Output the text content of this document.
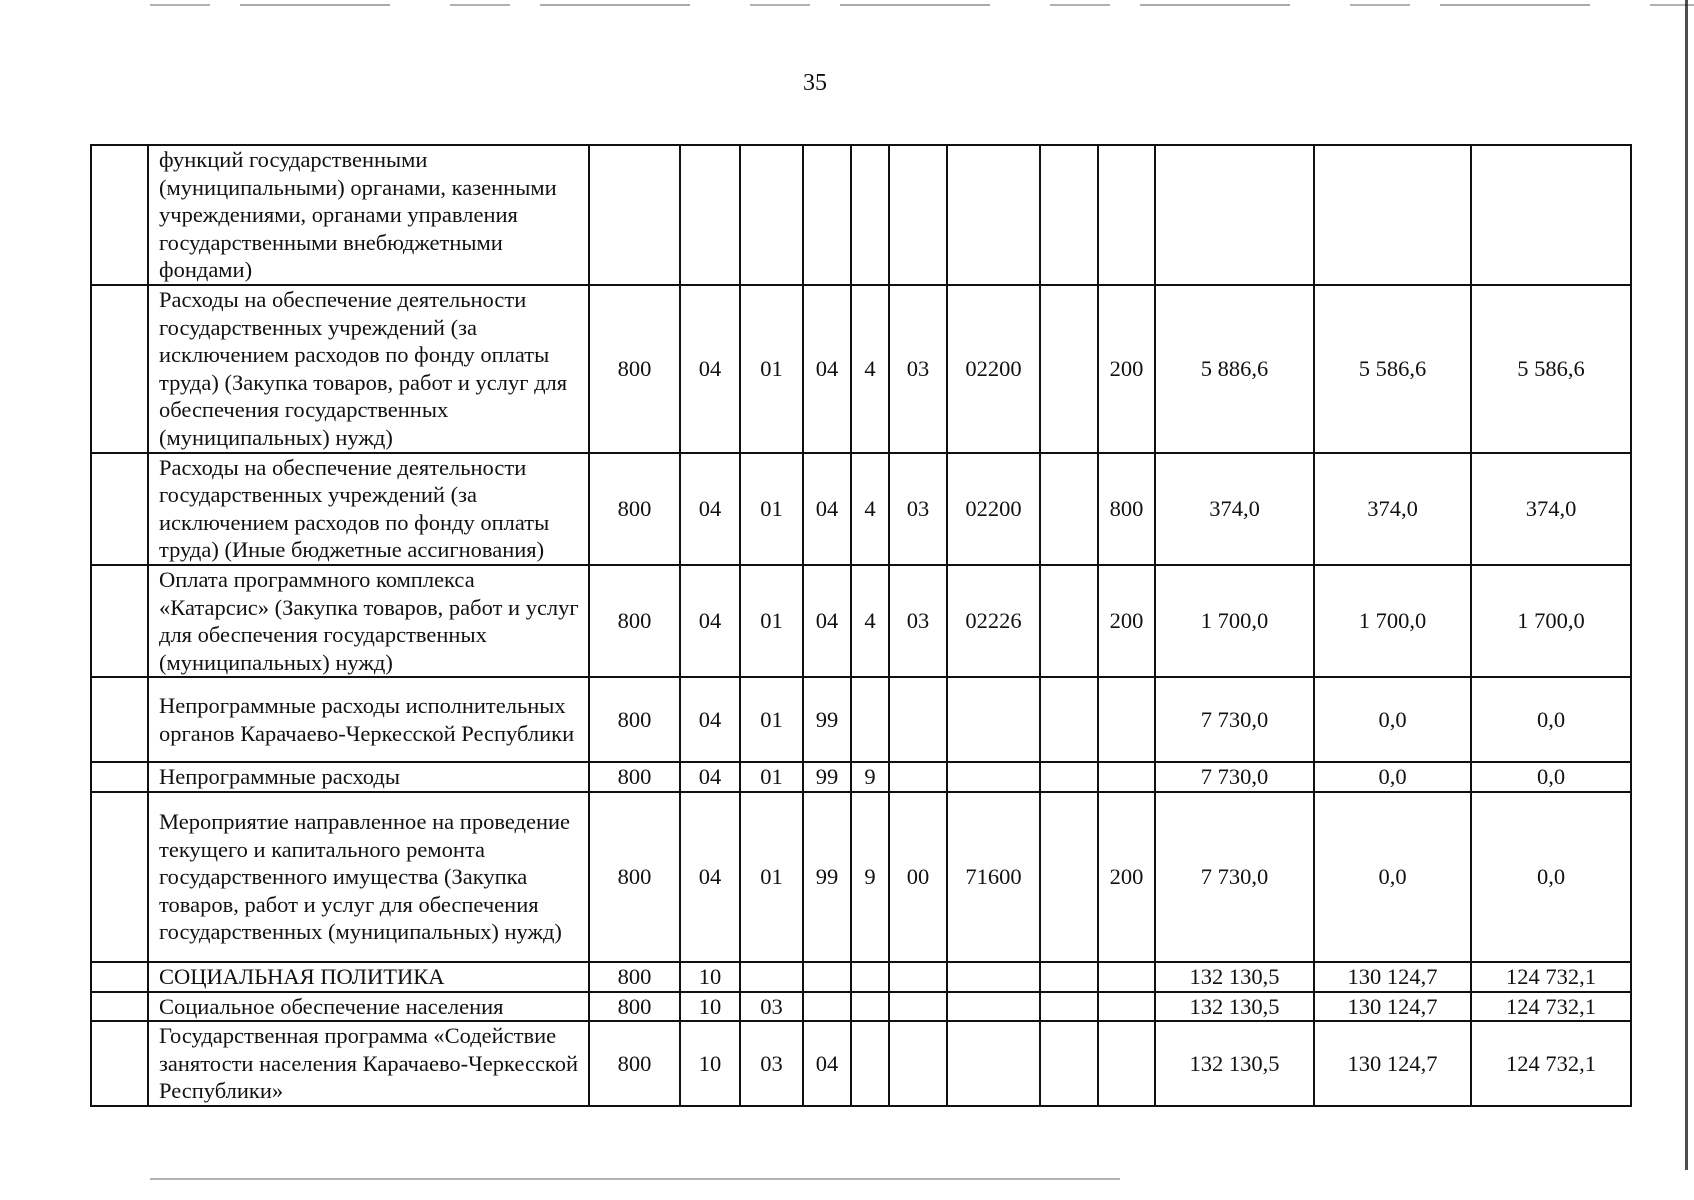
35
	функций государственными (муниципальными) органами, казенными учреждениями, органами управления государственными внебюджетными фондами)												
	Расходы на обеспечение деятельности государственных учреждений (за исключением расходов по фонду оплаты труда) (Закупка товаров, работ и услуг для обеспечения государственных (муниципальных) нужд)	800	04	01	04	4	03	02200		200	5 886,6	5 586,6	5 586,6
	Расходы на обеспечение деятельности государственных учреждений (за исключением расходов по фонду оплаты труда) (Иные бюджетные ассигнования)	800	04	01	04	4	03	02200		800	374,0	374,0	374,0
	Оплата программного комплекса «Катарсис» (Закупка товаров, работ и услуг для обеспечения государственных (муниципальных) нужд)	800	04	01	04	4	03	02226		200	1 700,0	1 700,0	1 700,0
	Непрограммные расходы исполнительных органов Карачаево-Черкесской Республики	800	04	01	99						7 730,0	0,0	0,0
	Непрограммные расходы	800	04	01	99	9					7 730,0	0,0	0,0
	Мероприятие направленное на проведение текущего и капитального ремонта государственного имущества (Закупка товаров, работ и услуг для обеспечения государственных (муниципальных) нужд)	800	04	01	99	9	00	71600		200	7 730,0	0,0	0,0
	СОЦИАЛЬНАЯ ПОЛИТИКА	800	10								132 130,5	130 124,7	124 732,1
	Социальное обеспечение населения	800	10	03							132 130,5	130 124,7	124 732,1
	Государственная программа «Содействие занятости населения Карачаево-Черкесской Республики»	800	10	03	04						132 130,5	130 124,7	124 732,1
